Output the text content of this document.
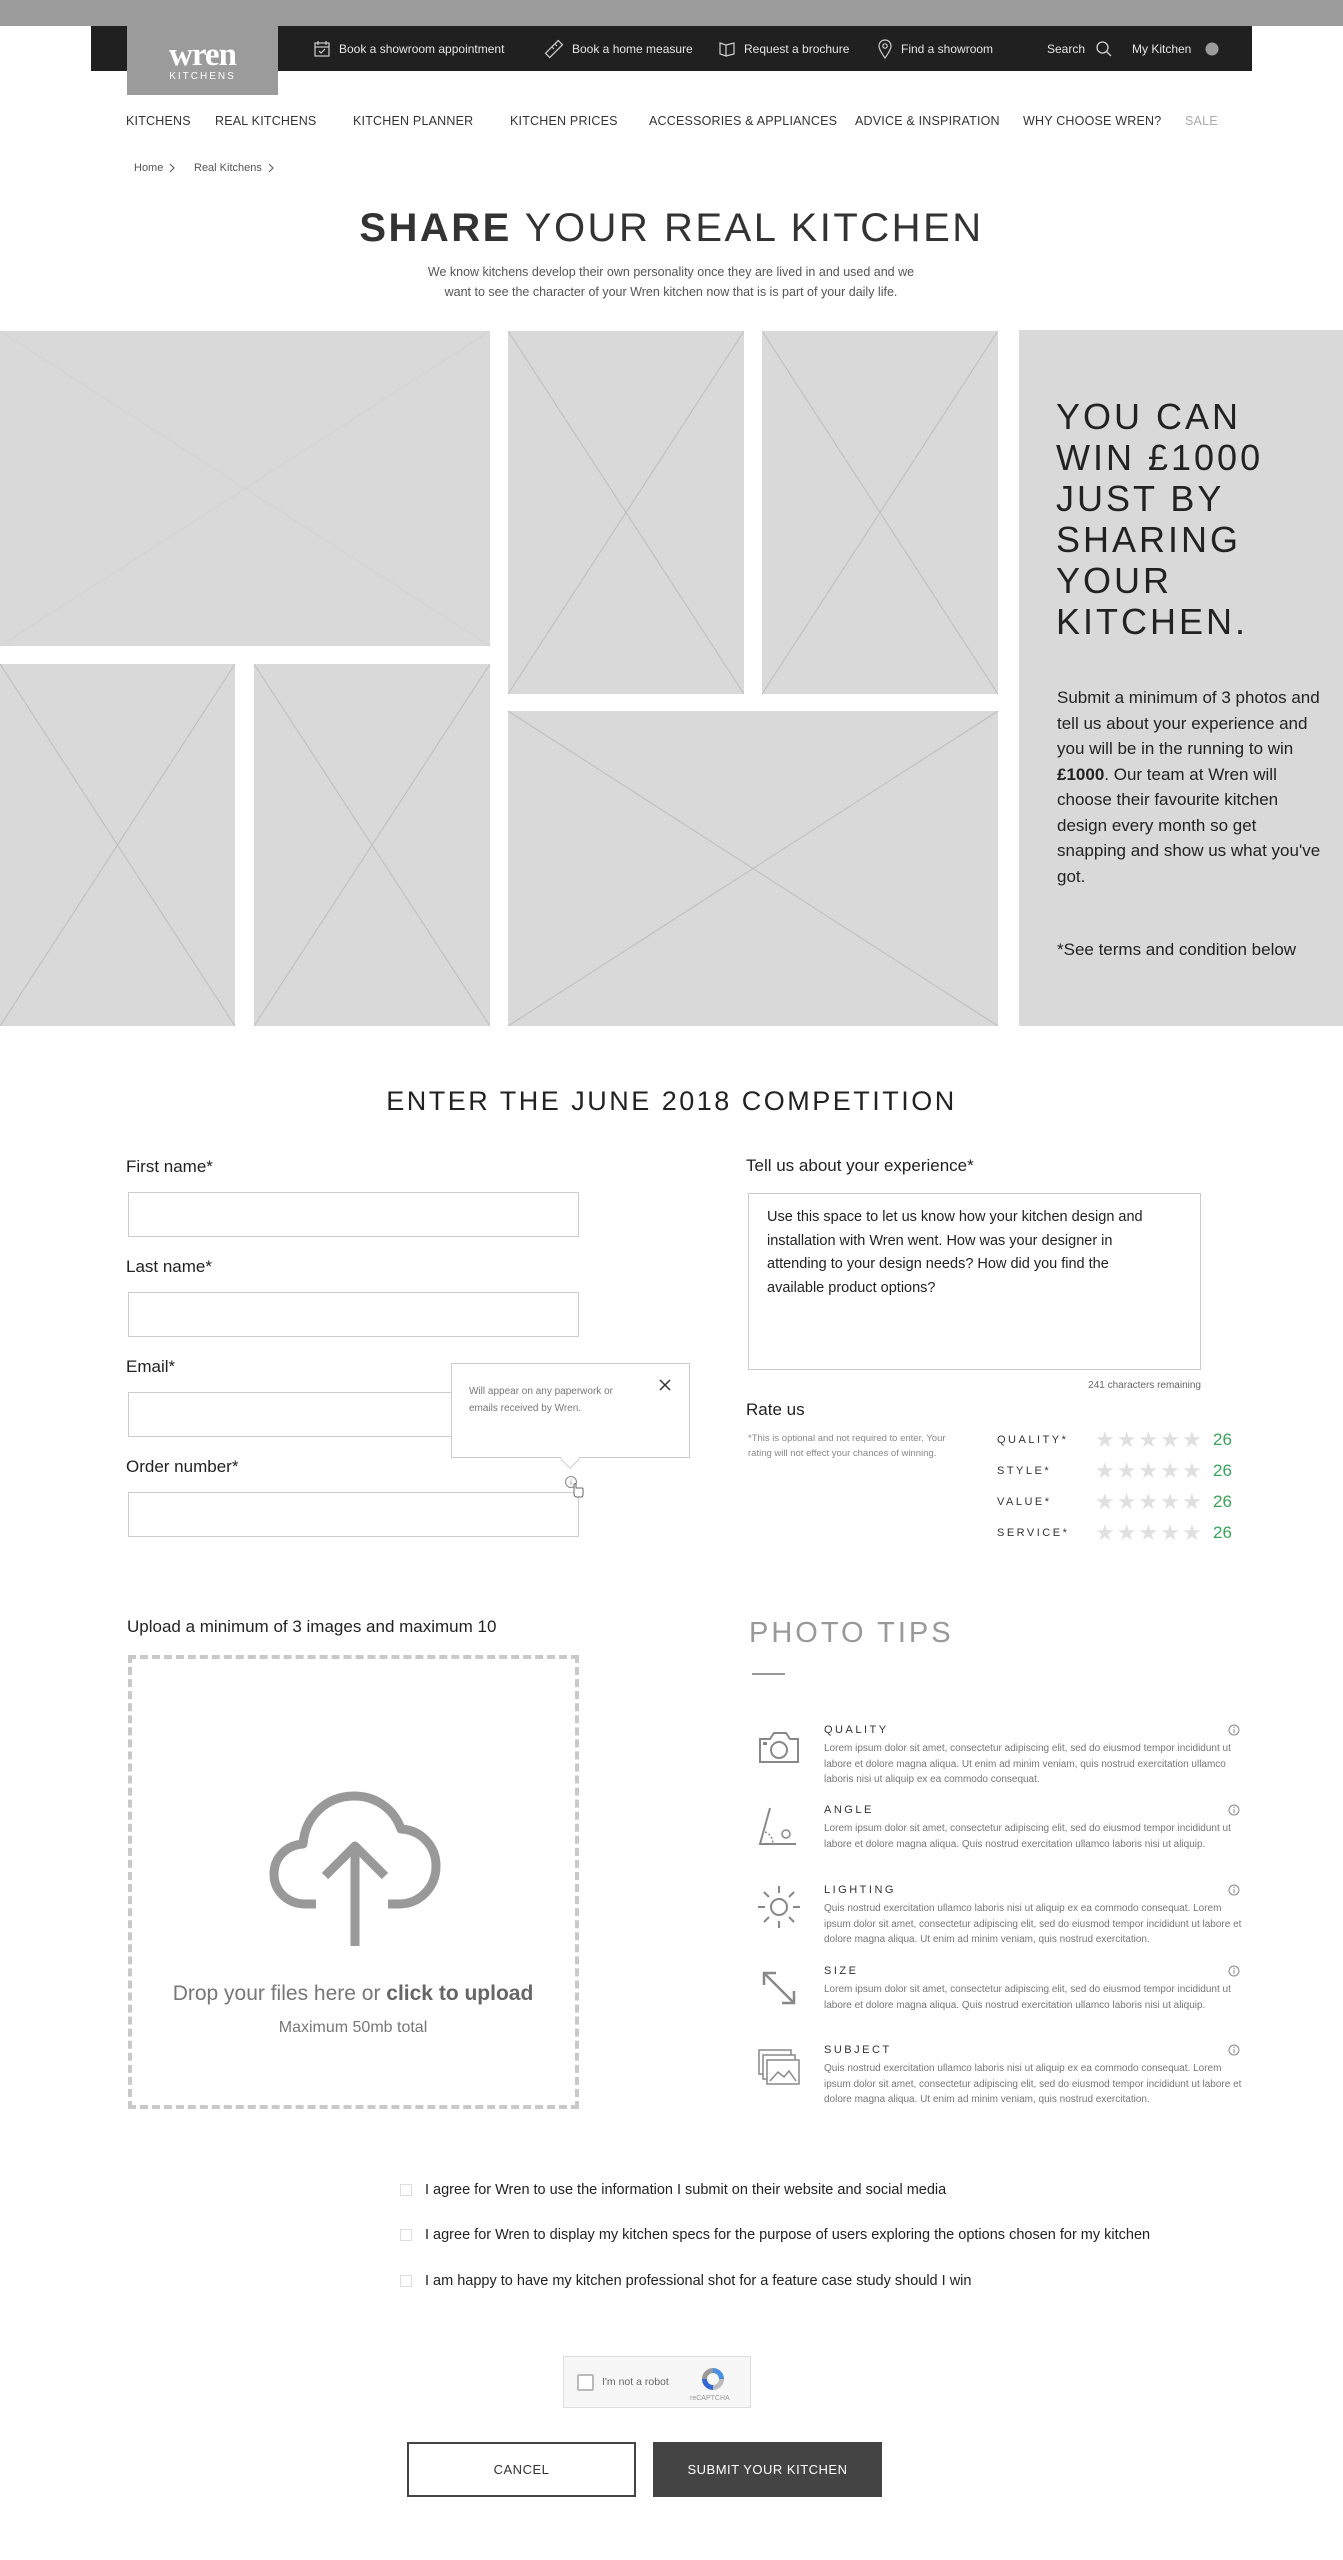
wren
KITCHENS
Book a showroom appointment	Book a home measure	Request a brochure	Find a showroom	Search	My Kitchen
KITCHENS REAL KITCHENS	KITCHEN PLANNER	KITCHEN PRICES	ACCESSORIES & APPLIANCES ADVICE & INSPIRATION WHY CHOOSE WREN? SALE
Home	Real Kitchens
SHARE YOUR REAL KITCHEN
We know kitchens develop their own personality once they are lived in and used and we want to see the character of your Wren kitchen now that is is part of your daily life.
YOU CAN WIN £1000
JUST BY SHARING YOUR KITCHEN.
Submit a minimum of 3 photos and tell us about your experience and you will be in the running to win £1000. Our team at Wren will choose their favourite kitchen design every month so get snapping and show us what you've got.
*See terms and condition below
ENTER THE JUNE 2018 COMPETITION
First name*
Last name*
Email*
Order number*
Will appear on any paperwork or emails received by Wren.
i
Tell us about your experience*
Use this space to let us know how your kitchen design and installation with Wren went. How was your designer in attending to your design needs? How did you find the available product options?
241 characters remaining
Rate us
*This is optional and not required to enter. Your rating will not effect your chances of winning.
QUALITY*	★ ★ ★ ★ ★ 26
STYLE*	★ ★ ★ ★ ★ 26
VALUE*	★ ★ ★ ★ ★ 26
SERVICE*	★ ★ ★ ★ ★ 26
Upload a minimum of 3 images and maximum 10
Drop your files here or click to upload
Maximum 50mb total
PHOTO TIPS
QUALITY
Lorem ipsum dolor sit amet, consectetur adipiscing elit, sed do eiusmod tempor incididunt ut labore et dolore magna aliqua. Ut enim ad minim veniam, quis nostrud exercitation ullamco laboris nisi ut aliquip ex ea commodo consequat.
ANGLE
Lorem ipsum dolor sit amet, consectetur adipiscing elit, sed do eiusmod tempor incididunt ut labore et dolore magna aliqua. Quis nostrud exercitation ullamco laboris nisi ut aliquip.
LIGHTING
Quis nostrud exercitation ullamco laboris nisi ut aliquip ex ea commodo consequat. Lorem ipsum dolor sit amet, consectetur adipiscing elit, sed do eiusmod tempor incididunt ut labore et dolore magna aliqua. Ut enim ad minim veniam, quis nostrud exercitation.
SIZE
Lorem ipsum dolor sit amet, consectetur adipiscing elit, sed do eiusmod tempor incididunt ut labore et dolore magna aliqua. Quis nostrud exercitation ullamco laboris nisi ut aliquip.
SUBJECT
Quis nostrud exercitation ullamco laboris nisi ut aliquip ex ea commodo consequat. Lorem ipsum dolor sit amet, consectetur adipiscing elit, sed do eiusmod tempor incididunt ut labore et dolore magna aliqua. Ut enim ad minim veniam, quis nostrud exercitation.
I agree for Wren to use the information I submit on their website and social media
I agree for Wren to display my kitchen specs for the purpose of users exploring the options chosen for my kitchen
I am happy to have my kitchen professional shot for a feature case study should I win
I'm not a robot
reCAPTCHA
CANCEL	SUBMIT YOUR KITCHEN
